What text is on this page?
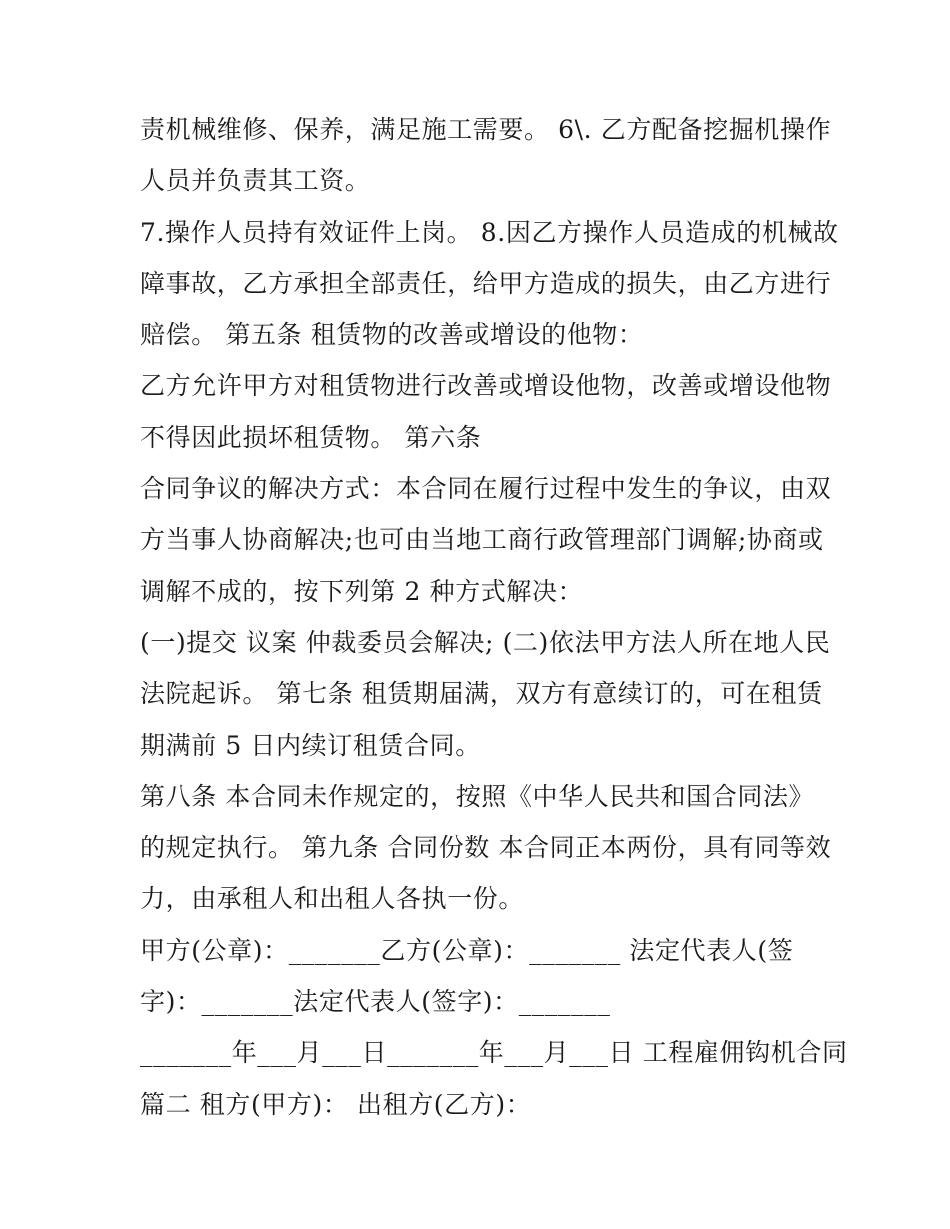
责机械维修、保养，满足施工需要。 6\. 乙方配备挖掘机操作
人员并负责其工资。
7.操作人员持有效证件上岗。 8.因乙方操作人员造成的机械故
障事故，乙方承担全部责任，给甲方造成的损失，由乙方进行
赔偿。 第五条 租赁物的改善或增设的他物：
乙方允许甲方对租赁物进行改善或增设他物，改善或增设他物
不得因此损坏租赁物。 第六条
合同争议的解决方式：本合同在履行过程中发生的争议，由双
方当事人协商解决;也可由当地工商行政管理部门调解;协商或
调解不成的，按下列第 2 种方式解决：
(一)提交 议案 仲裁委员会解决; (二)依法甲方法人所在地人民
法院起诉。 第七条 租赁期届满，双方有意续订的，可在租赁
期满前 5 日内续订租赁合同。
第八条 本合同未作规定的，按照《中华人民共和国合同法》
的规定执行。 第九条 合同份数 本合同正本两份，具有同等效
力，由承租人和出租人各执一份。
甲方(公章)：_______乙方(公章)：_______ 法定代表人(签
字)：_______法定代表人(签字)：_______
_______年___月___日_______年___月___日 工程雇佣钩机合同
篇二 租方(甲方)： 出租方(乙方)：
